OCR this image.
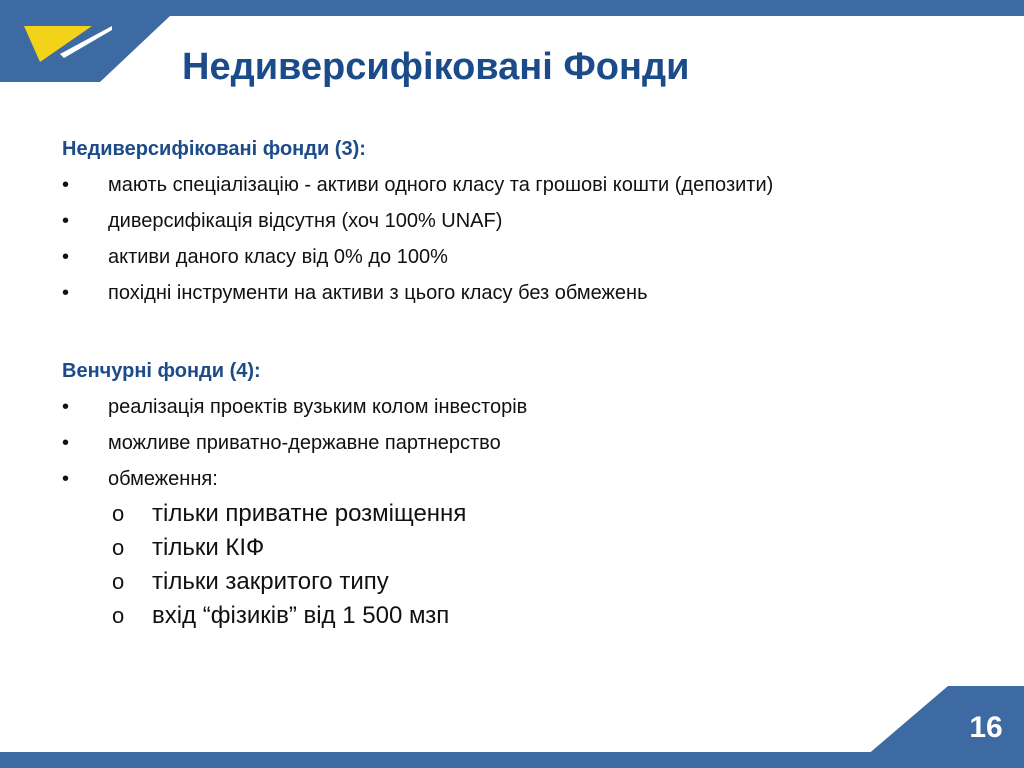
Недиверсифіковані Фонди
Недиверсифіковані фонди (3):
•	мають спеціалізацію - активи одного класу та грошові кошти (депозити)
•	диверсифікація відсутня (хоч 100% UNAF)
•	активи даного класу від 0% до 100%
•	похідні інструменти на активи з цього класу без обмежень
Венчурні фонди (4):
•	реалізація проектів вузьким колом інвесторів
•	можливе приватно-державне партнерство
•	обмеження:
o тільки приватне розміщення
o тільки КІФ
o тільки закритого типу
o вхід “фізиків” від 1 500 мзп
16
